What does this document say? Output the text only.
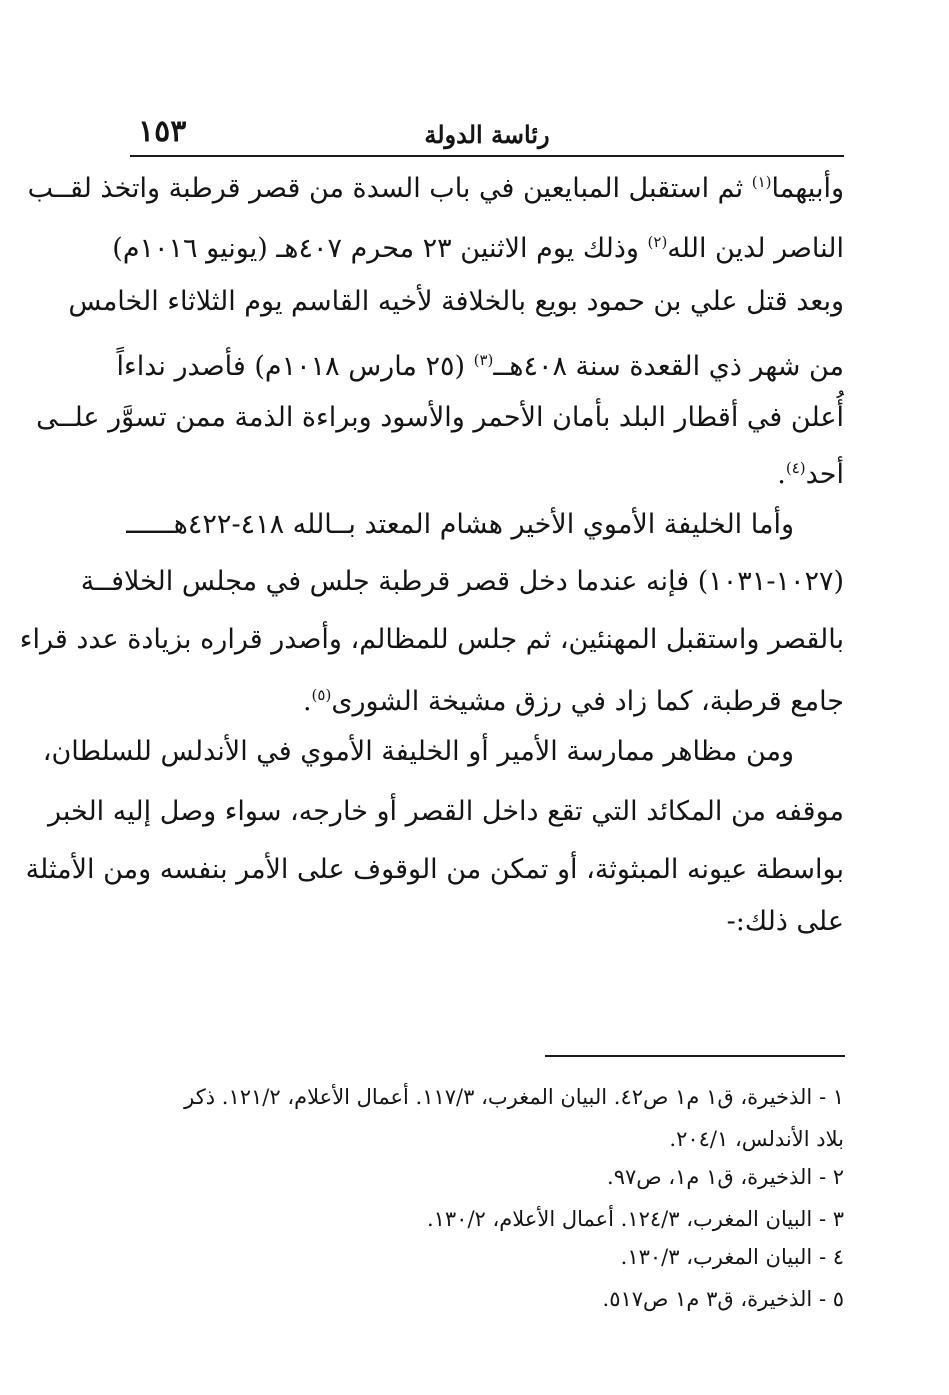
١٥٣	رئاسة الدولة
وأبيهما$^{(١)}$ ثم استقبل المبايعين في باب السدة من قصر قرطبة واتخذ لقــب
الناصر لدين الله$^{(٢)}$ وذلك يوم الاثنين ٢٣ محرم ٤٠٧هـ (يونيو ١٠١٦م)
وبعد قتل علي بن حمود بويع بالخلافة لأخيه القاسم يوم الثلاثاء الخامس
من شهر ذي القعدة سنة ٤٠٨هــ$^{(٣)}$ (٢٥ مارس ١٠١٨م) فأصدر نداءاً
أُعلن في أقطار البلد بأمان الأحمر والأسود وبراءة الذمة ممن تسوَّر علــى
أحد$^{(٤)}$.
وأما الخليفة الأموي الأخير هشام المعتد بــالله ٤١٨-٤٢٢هــــــ
(١٠٢٧-١٠٣١) فإنه عندما دخل قصر قرطبة جلس في مجلس الخلافــة
بالقصر واستقبل المهنئين، ثم جلس للمظالم، وأصدر قراره بزيادة عدد قراء
جامع قرطبة، كما زاد في رزق مشيخة الشورى$^{(٥)}$.
ومن مظاهر ممارسة الأمير أو الخليفة الأموي في الأندلس للسلطان،
موقفه من المكائد التي تقع داخل القصر أو خارجه، سواء وصل إليه الخبر
بواسطة عيونه المبثوثة، أو تمكن من الوقوف على الأمر بنفسه ومن الأمثلة
على ذلك:-
١ - الذخيرة، ق١ م١ ص٤٢. البيان المغرب، ١١٧/٣. أعمال الأعلام، ١٢١/٢. ذكر
بلاد الأندلس، ٢٠٤/١.
٢ - الذخيرة، ق١ م١، ص٩٧.
٣ - البيان المغرب، ١٢٤/٣. أعمال الأعلام، ١٣٠/٢.
٤ - البيان المغرب، ١٣٠/٣.
٥ - الذخيرة، ق٣ م١ ص٥١٧.
